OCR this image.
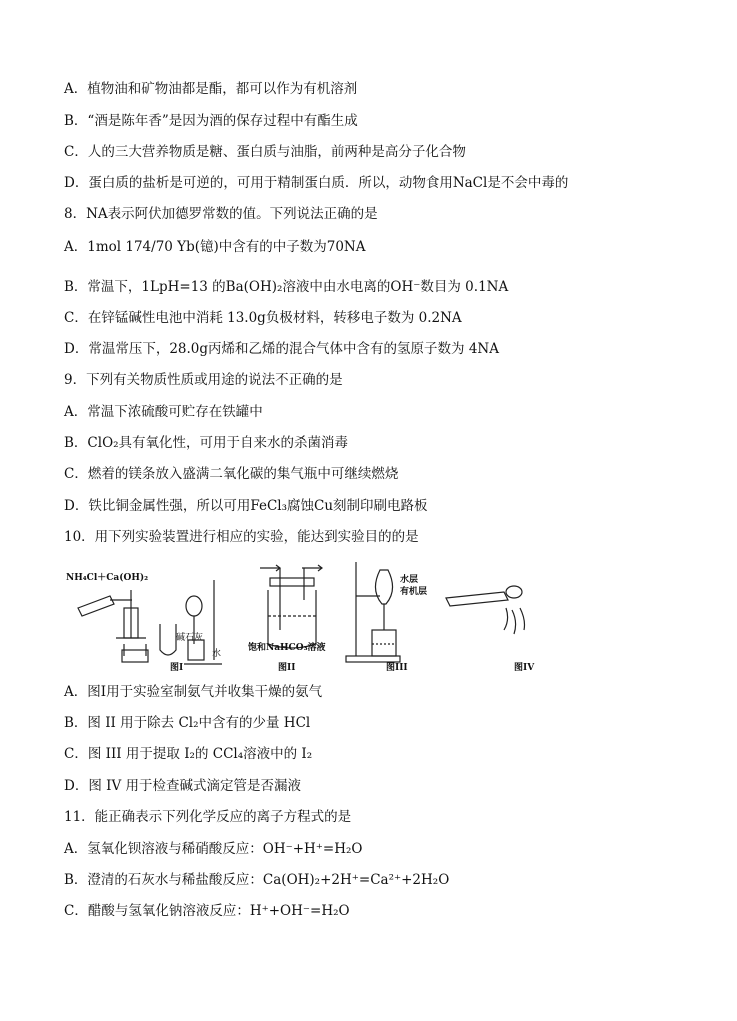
A．植物油和矿物油都是酯，都可以作为有机溶剂
B．“酒是陈年香”是因为酒的保存过程中有酯生成
C．人的三大营养物质是糖、蛋白质与油脂，前两种是高分子化合物
D．蛋白质的盐析是可逆的，可用于精制蛋白质．所以，动物食用NaCl是不会中毒的
8．NA表示阿伏加德罗常数的值。下列说法正确的是
A．1mol 174/70 Yb(镱)中含有的中子数为70NA
B．常温下，1LpH=13 的Ba(OH)₂溶液中由水电离的OH⁻数目为 0.1NA
C．在锌锰碱性电池中消耗 13.0g负极材料，转移电子数为 0.2NA
D．常温常压下，28.0g丙烯和乙烯的混合气体中含有的氢原子数为 4NA
9．下列有关物质性质或用途的说法不正确的是
A．常温下浓硫酸可贮存在铁罐中
B．ClO₂具有氧化性，可用于自来水的杀菌消毒
C．燃着的镁条放入盛满二氧化碳的集气瓶中可继续燃烧
D．铁比铜金属性强，所以可用FeCl₃腐蚀Cu刻制印刷电路板
10．用下列实验装置进行相应的实验，能达到实验目的的是
NH₄Cl＋Ca(OH)₂
碱石灰
水
图Ⅰ
饱和NaHCO₃溶液
图II
水层
有机层
图III	图IV
A．图Ⅰ用于实验室制氨气并收集干燥的氨气
B．图 II 用于除去 Cl₂中含有的少量 HCl
C．图 III 用于提取 I₂的 CCl₄溶液中的 I₂
D．图 IV 用于检查碱式滴定管是否漏液
11．能正确表示下列化学反应的离子方程式的是
A．氢氧化钡溶液与稀硝酸反应：OH⁻+H⁺=H₂O
B．澄清的石灰水与稀盐酸反应：Ca(OH)₂+2H⁺=Ca²⁺+2H₂O
C．醋酸与氢氧化钠溶液反应：H⁺+OH⁻=H₂O
